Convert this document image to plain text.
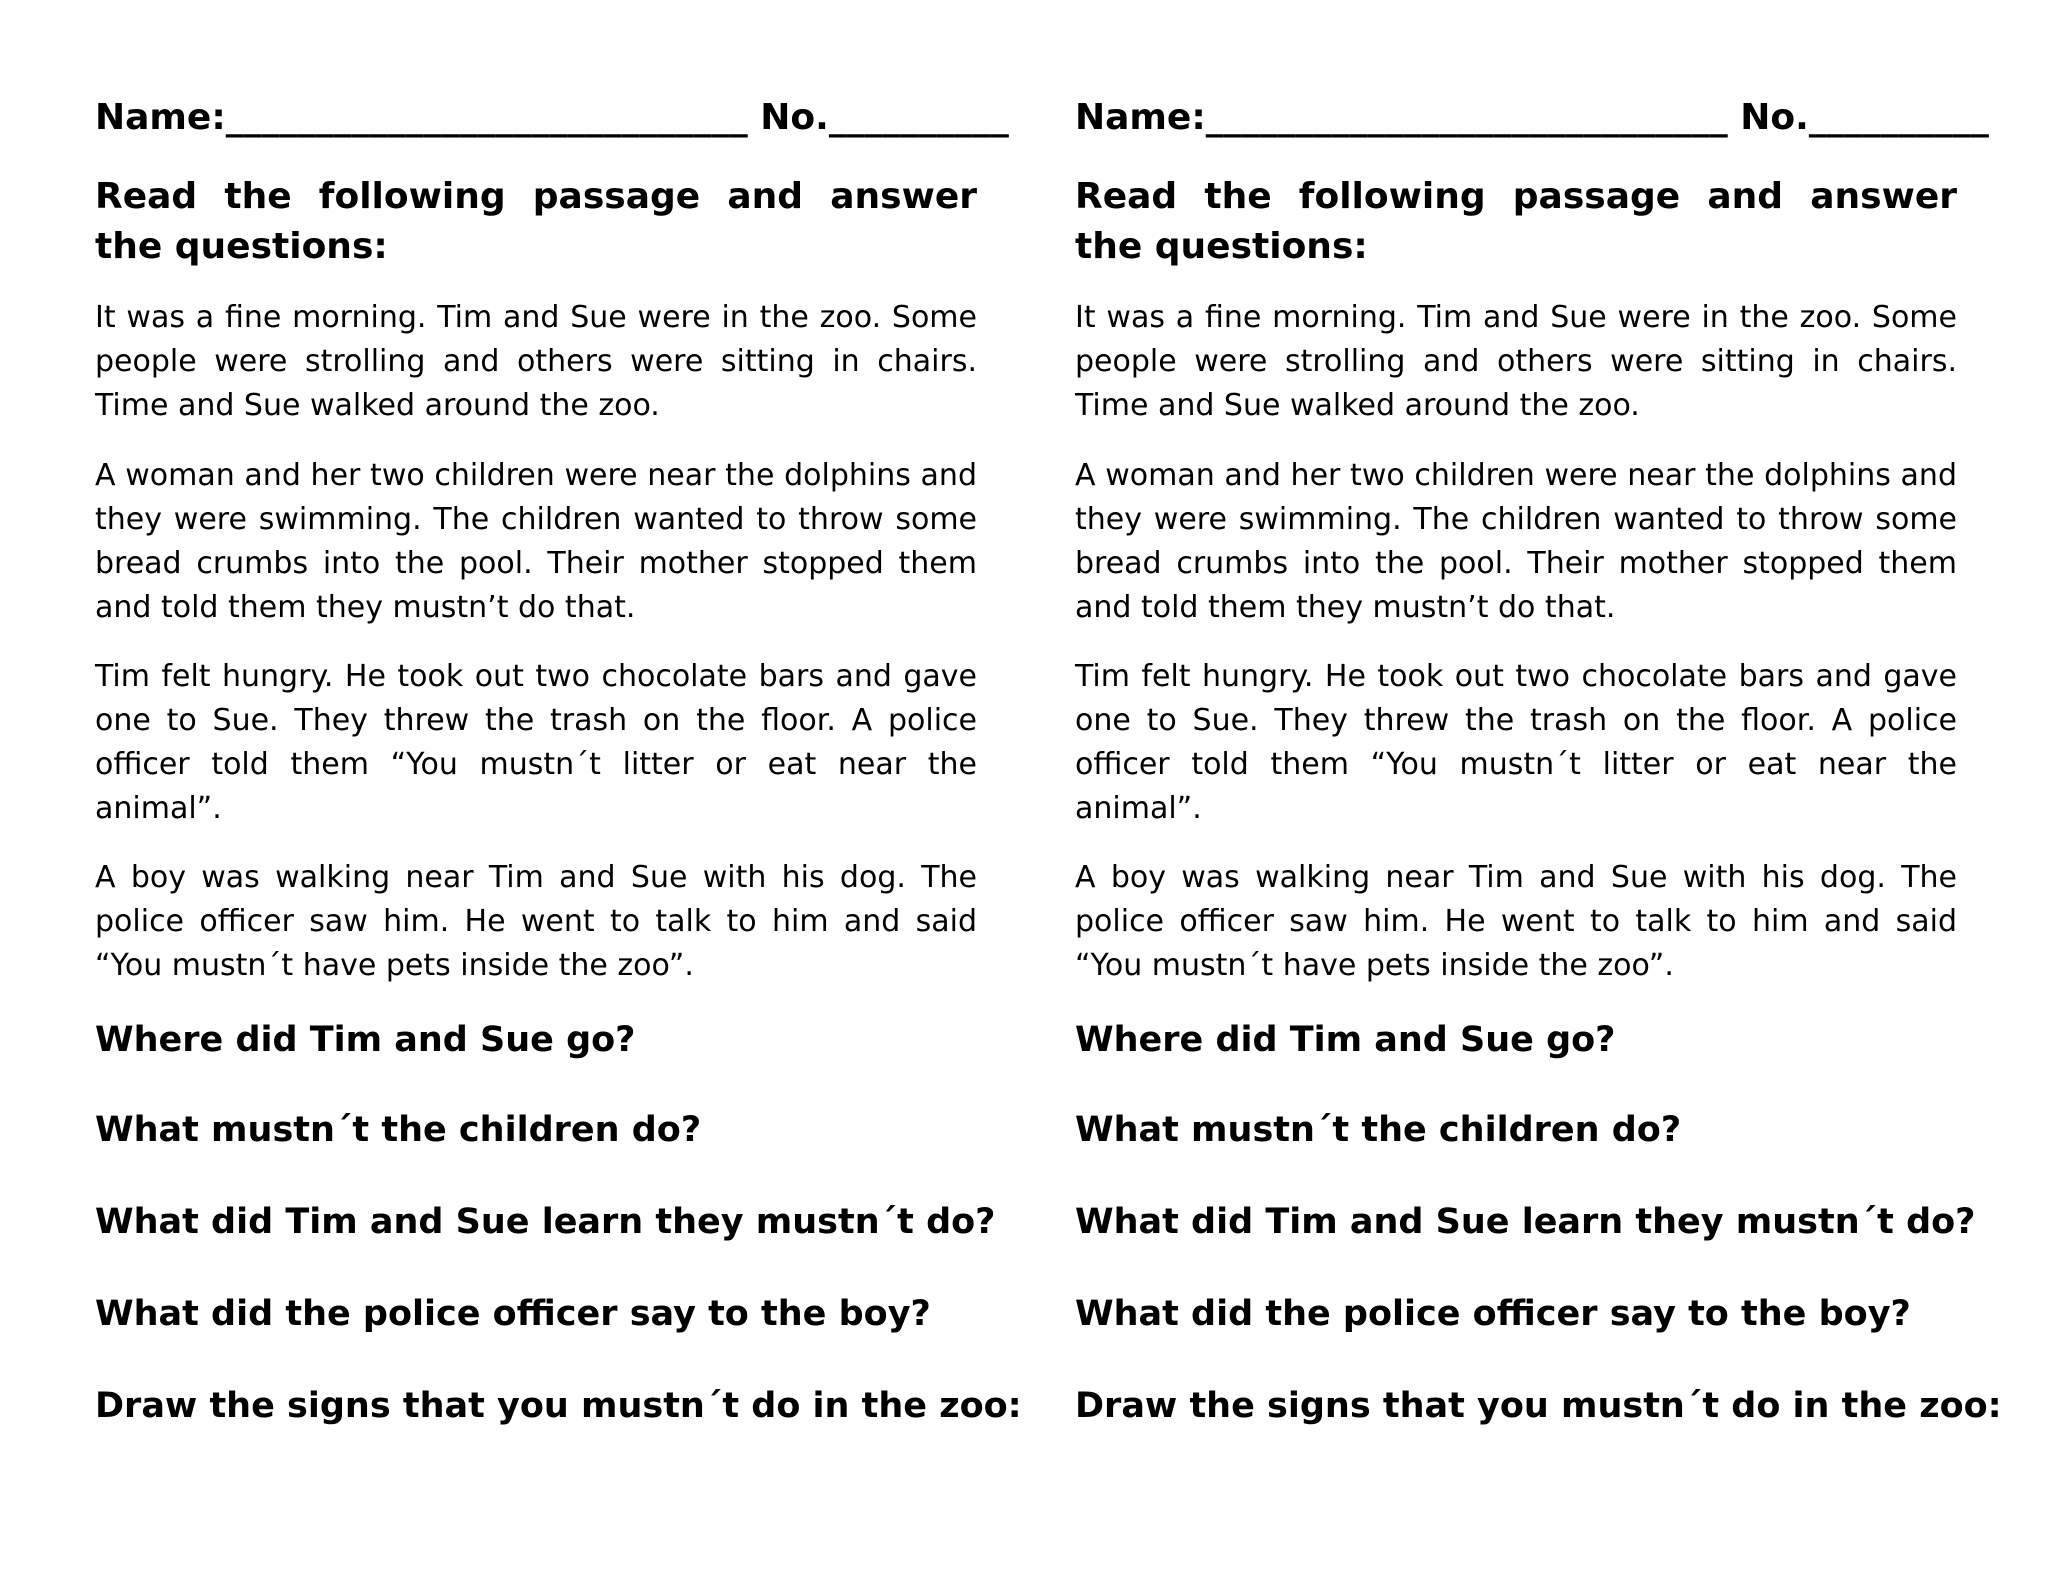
Name:_____________________________ No.__________
Read the following passage and answer the questions:

It was a fine morning. Tim and Sue were in the zoo. Some people were strolling and others were sitting in chairs. Time and Sue walked around the zoo.

A woman and her two children were near the dolphins and they were swimming. The children wanted to throw some bread crumbs into the pool. Their mother stopped them and told them they mustn’t do that.

Tim felt hungry. He took out two chocolate bars and gave one to Sue. They threw the trash on the floor. A police officer told them “You mustn´t litter or eat near the animal”.

A boy was walking near Tim and Sue with his dog. The police officer saw him. He went to talk to him and said “You mustn´t have pets inside the zoo”.

Where did Tim and Sue go?

What mustn´t the children do?

What did Tim and Sue learn they mustn´t do?

What did the police officer say to the boy?

Draw the signs that you mustn´t do in the zoo:

Name:_____________________________ No.__________
Read the following passage and answer the questions:

It was a fine morning. Tim and Sue were in the zoo. Some people were strolling and others were sitting in chairs. Time and Sue walked around the zoo.

A woman and her two children were near the dolphins and they were swimming. The children wanted to throw some bread crumbs into the pool. Their mother stopped them and told them they mustn’t do that.

Tim felt hungry. He took out two chocolate bars and gave one to Sue. They threw the trash on the floor. A police officer told them “You mustn´t litter or eat near the animal”.

A boy was walking near Tim and Sue with his dog. The police officer saw him. He went to talk to him and said “You mustn´t have pets inside the zoo”.

Where did Tim and Sue go?

What mustn´t the children do?

What did Tim and Sue learn they mustn´t do?

What did the police officer say to the boy?

Draw the signs that you mustn´t do in the zoo:
